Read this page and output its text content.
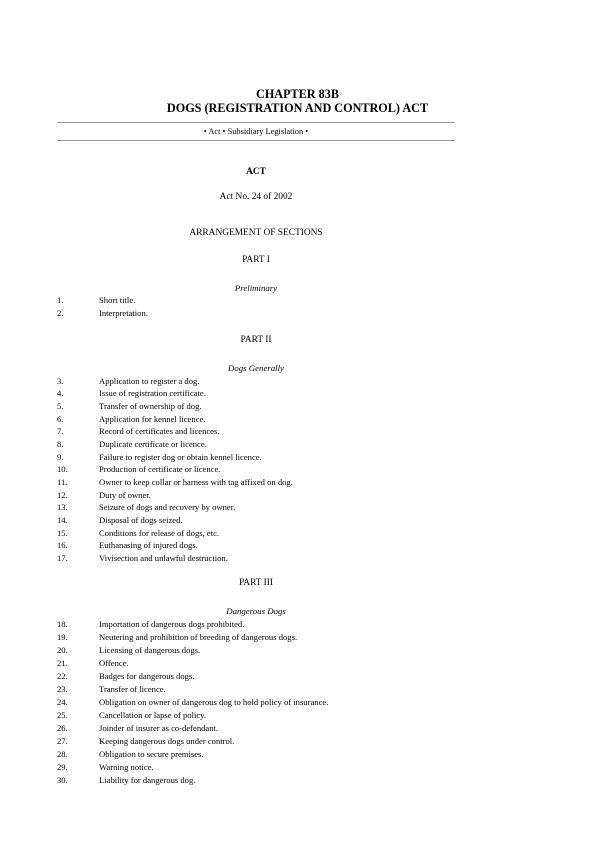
CHAPTER 83B
DOGS (REGISTRATION AND CONTROL) ACT
• Act • Subsidiary Legislation •
ACT
Act No. 24 of 2002
ARRANGEMENT OF SECTIONS
PART I
Preliminary
1.	Short title.
2.	Interpretation.
PART II
Dogs Generally
3.	Application to register a dog.
4.	Issue of registration certificate.
5.	Transfer of ownership of dog.
6.	Application for kennel licence.
7.	Record of certificates and licences.
8.	Duplicate certificate or licence.
9.	Failure to register dog or obtain kennel licence.
10.	Production of certificate or licence.
11.	Owner to keep collar or harness with tag affixed on dog.
12.	Duty of owner.
13.	Seizure of dogs and recovery by owner.
14.	Disposal of dogs seized.
15.	Conditions for release of dogs, etc.
16.	Euthanasing of injured dogs.
17.	Vivisection and unlawful destruction.
PART III
Dangerous Dogs
18.	Importation of dangerous dogs prohibited.
19.	Neutering and prohibition of breeding of dangerous dogs.
20.	Licensing of dangerous dogs.
21.	Offence.
22.	Badges for dangerous dogs.
23.	Transfer of licence.
24.	Obligation on owner of dangerous dog to hold policy of insurance.
25.	Cancellation or lapse of policy.
26.	Joinder of insurer as co-defendant.
27.	Keeping dangerous dogs under control.
28.	Obligation to secure premises.
29.	Warning notice.
30.	Liability for dangerous dog.
